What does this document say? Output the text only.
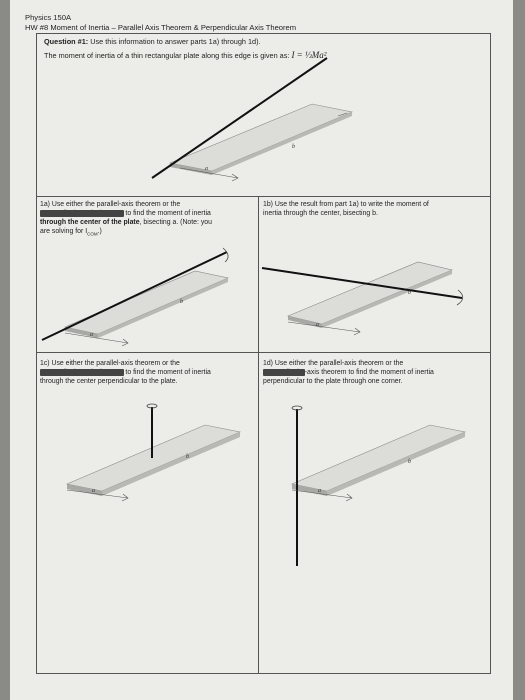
Physics 150A
HW #8 Moment of Inertia – Parallel Axis Theorem & Perpendicular Axis Theorem
Question #1: Use this information to answer parts 1a) through 1d).
The moment of inertia of a thin rectangular plate along this edge is given as: I = ⅓Ma²
1a) Use either the parallel-axis theorem or the
perpendicular-axis theorem to find the moment of inertia
through the center of the plate, bisecting a. (Note: you
are solving for $I_{COM}$.)
1b) Use the result from part 1a) to write the moment of
inertia through the center, bisecting b.
1c) Use either the parallel-axis theorem or the
perpendicular-axis theorem to find the moment of inertia
through the center perpendicular to the plate.
1d) Use either the parallel-axis theorem or the
perpendicular-axis theorem to find the moment of inertia
perpendicular to the plate through one corner.
a
b
a
b
a
b
a
b
a
b
